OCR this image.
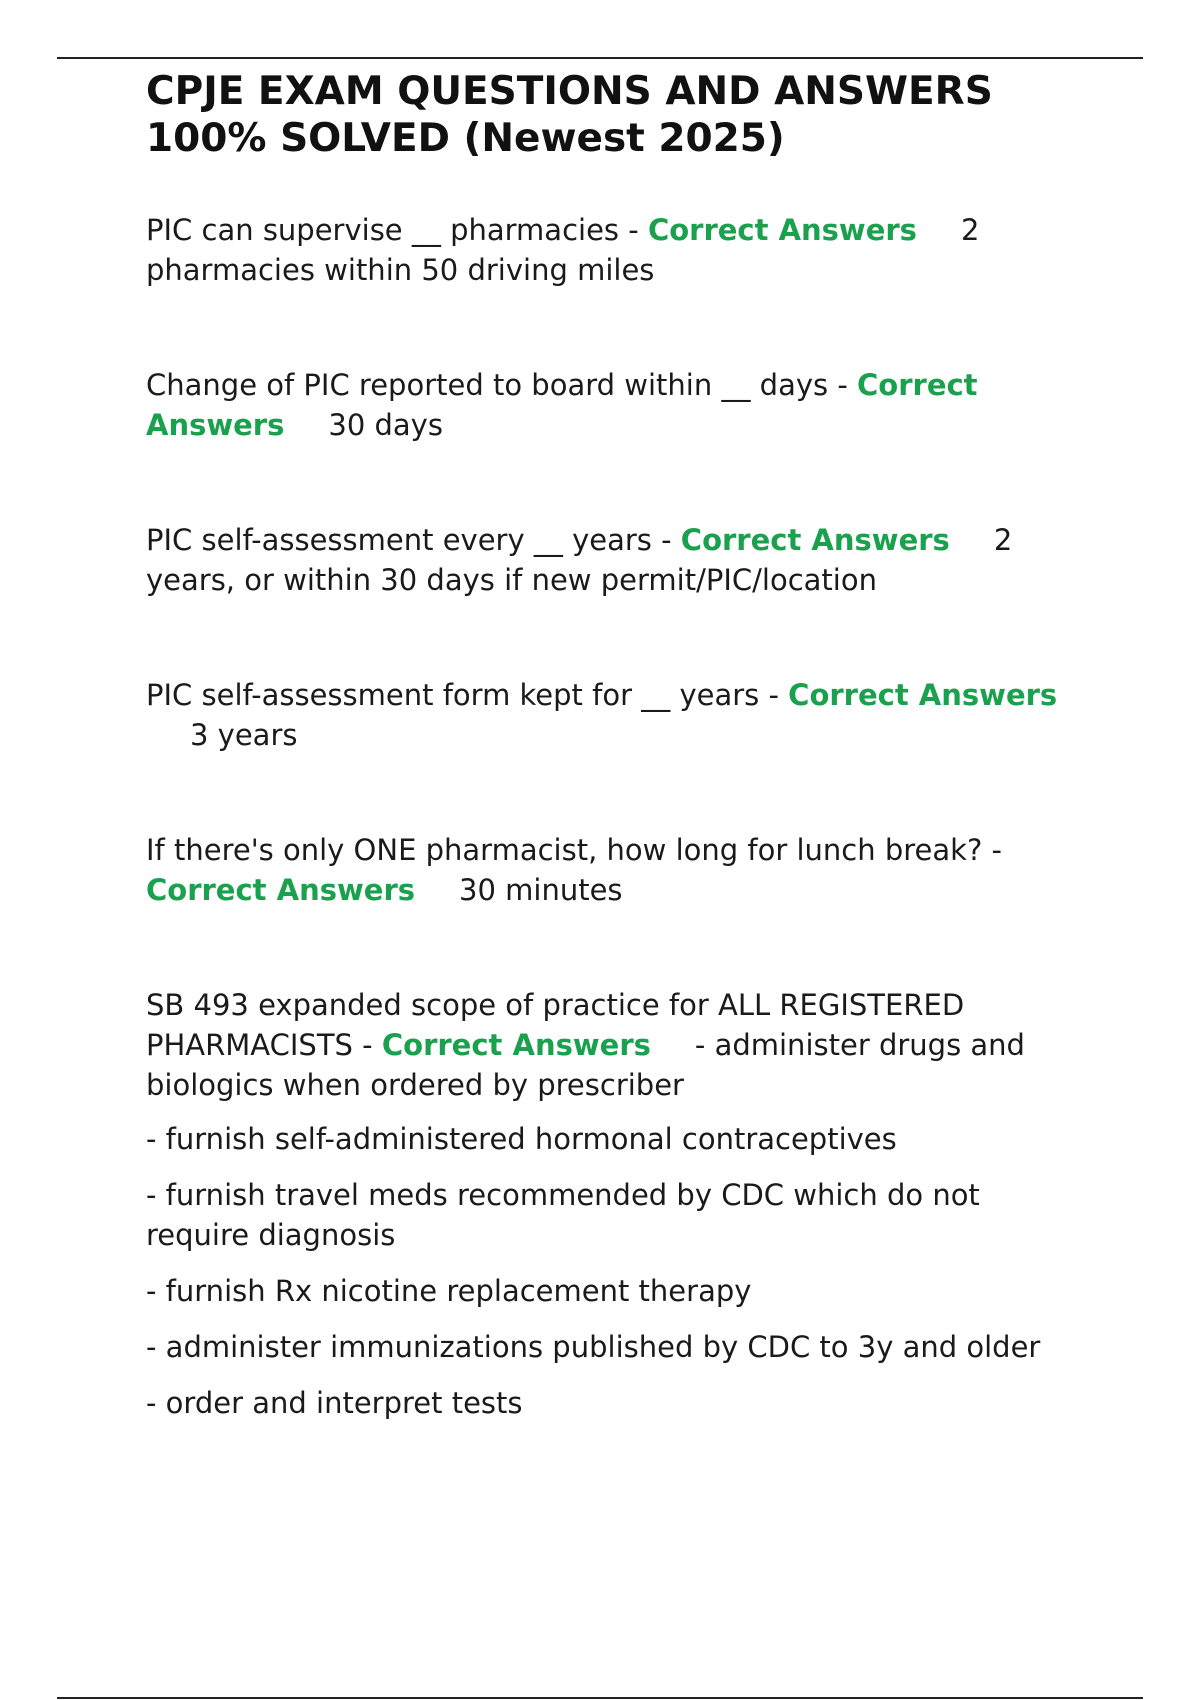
CPJE EXAM QUESTIONS AND ANSWERS 100% SOLVED (Newest 2025)

PIC can supervise __ pharmacies - Correct Answers 2 pharmacies within 50 driving miles

Change of PIC reported to board within __ days - Correct Answers 30 days

PIC self-assessment every __ years - Correct Answers 2 years, or within 30 days if new permit/PIC/location

PIC self-assessment form kept for __ years - Correct Answers3 years

If there's only ONE pharmacist, how long for lunch break? - Correct Answers 30 minutes

SB 493 expanded scope of practice for ALL REGISTERED PHARMACISTS - Correct Answers - administer drugs and biologics when ordered by prescriber

- furnish self-administered hormonal contraceptives

- furnish travel meds recommended by CDC which do not require diagnosis

- furnish Rx nicotine replacement therapy

- administer immunizations published by CDC to 3y and older

- order and interpret tests
